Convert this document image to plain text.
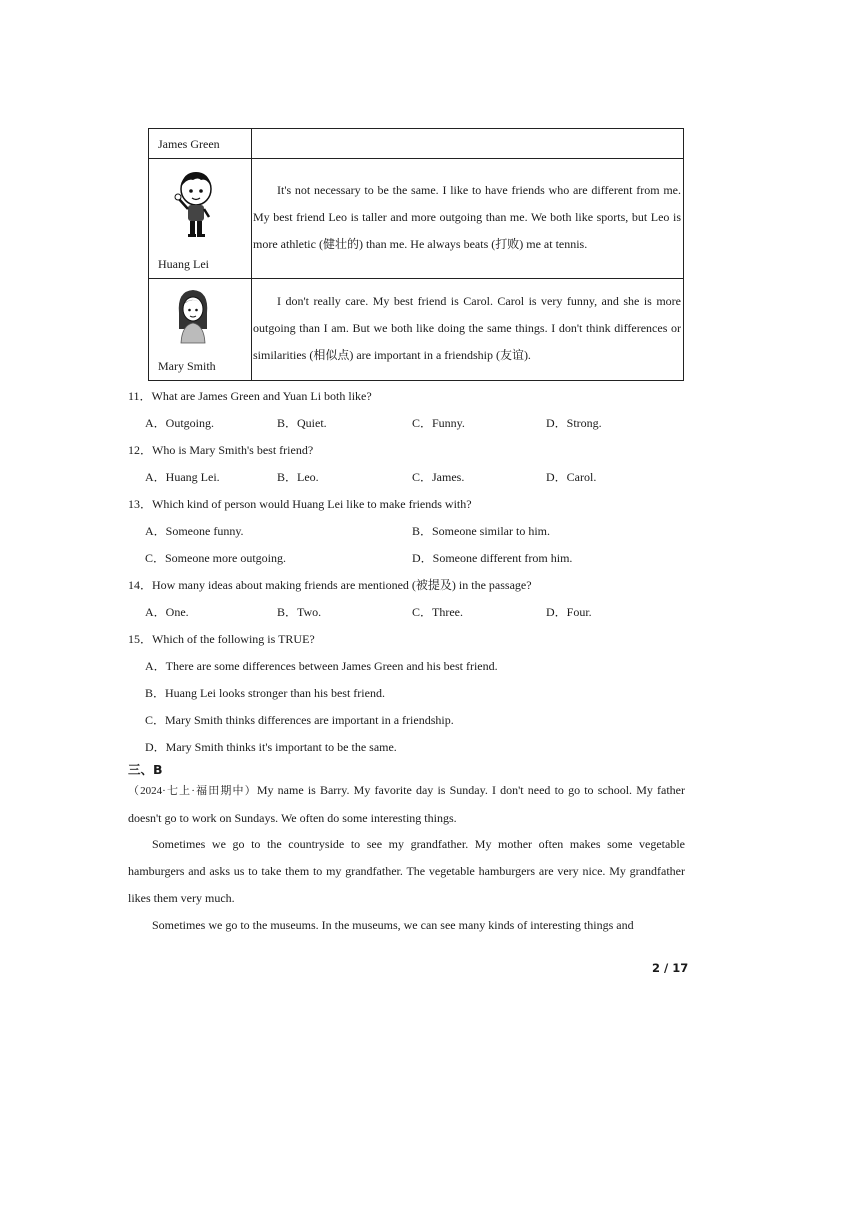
James Green	

Huang Lei	It's not necessary to be the same. I like to have friends who are different from me. My best friend Leo is taller and more outgoing than me. We both like sports, but Leo is more athletic (健壮的) than me. He always beats (打败) me at tennis.

Mary Smith	I don't really care. My best friend is Carol. Carol is very funny, and she is more outgoing than I am. But we both like doing the same things. I don't think differences or similarities (相似点) are important in a friendship (友谊).
11．What are James Green and Yuan Li both like?
A．Outgoing.	B．Quiet.	C．Funny.	D．Strong.
12．Who is Mary Smith's best friend?
A．Huang Lei.	B．Leo.	C．James.	D．Carol.
13．Which kind of person would Huang Lei like to make friends with?
A．Someone funny.	B．Someone similar to him.
C．Someone more outgoing.	D．Someone different from him.
14．How many ideas about making friends are mentioned (被提及) in the passage?
A．One.	B．Two.	C．Three.	D．Four.
15．Which of the following is TRUE?
A．There are some differences between James Green and his best friend.
B．Huang Lei looks stronger than his best friend.
C．Mary Smith thinks differences are important in a friendship.
D．Mary Smith thinks it's important to be the same.
三、B
（2024·七上·福田期中）My name is Barry. My favorite day is Sunday. I don't need to go to school. My father doesn't go to work on Sundays. We often do some interesting things.
Sometimes we go to the countryside to see my grandfather. My mother often makes some vegetable hamburgers and asks us to take them to my grandfather. The vegetable hamburgers are very nice. My grandfather likes them very much.
Sometimes we go to the museums. In the museums, we can see many kinds of interesting things and
2 / 17
